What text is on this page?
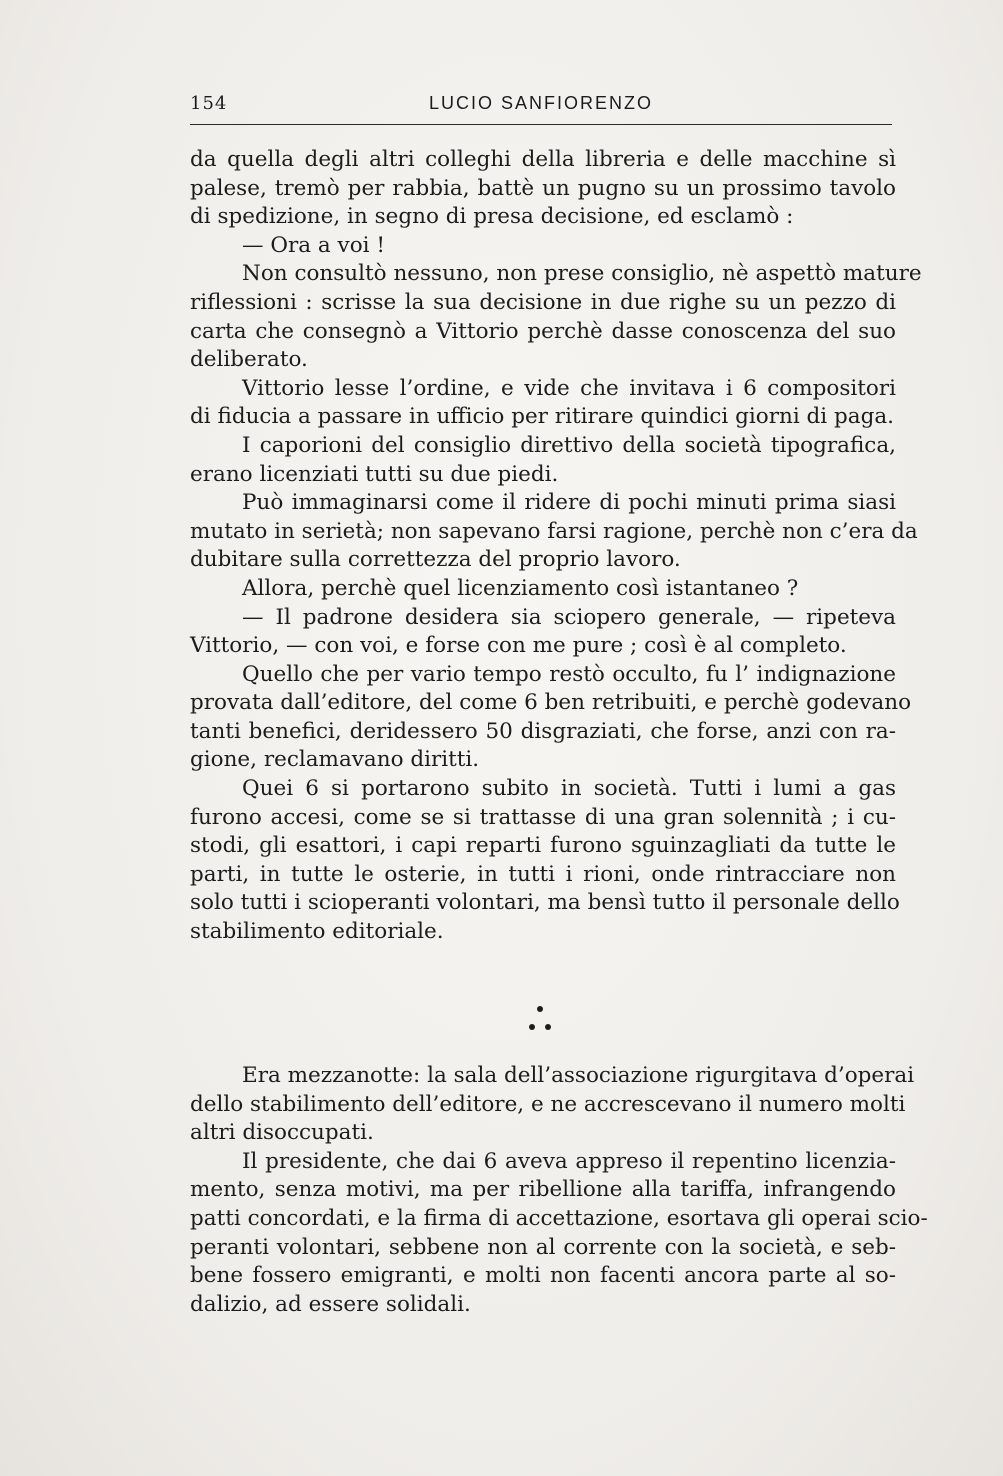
154	LUCIO SANFIORENZO
da quella degli altri colleghi della libreria e delle macchine sì
palese, tremò per rabbia, battè un pugno su un prossimo tavolo
di spedizione, in segno di presa decisione, ed esclamò :
— Ora a voi !
Non consultò nessuno, non prese consiglio, nè aspettò mature
riflessioni : scrisse la sua decisione in due righe su un pezzo di
carta che consegnò a Vittorio perchè dasse conoscenza del suo
deliberato.
Vittorio lesse l’ordine, e vide che invitava i 6 compositori
di fiducia a passare in ufficio per ritirare quindici giorni di paga.
I caporioni del consiglio direttivo della società tipografica,
erano licenziati tutti su due piedi.
Può immaginarsi come il ridere di pochi minuti prima siasi
mutato in serietà; non sapevano farsi ragione, perchè non c’era da
dubitare sulla correttezza del proprio lavoro.
Allora, perchè quel licenziamento così istantaneo ?
— Il padrone desidera sia sciopero generale, — ripeteva
Vittorio, — con voi, e forse con me pure ; così è al completo.
Quello che per vario tempo restò occulto, fu l’ indignazione
provata dall’editore, del come 6 ben retribuiti, e perchè godevano
tanti benefici, deridessero 50 disgraziati, che forse, anzi con ra-
gione, reclamavano diritti.
Quei 6 si portarono subito in società. Tutti i lumi a gas
furono accesi, come se si trattasse di una gran solennità ; i cu-
stodi, gli esattori, i capi reparti furono sguinzagliati da tutte le
parti, in tutte le osterie, in tutti i rioni, onde rintracciare non
solo tutti i scioperanti volontari, ma bensì tutto il personale dello
stabilimento editoriale.
Era mezzanotte: la sala dell’associazione rigurgitava d’operai
dello stabilimento dell’editore, e ne accrescevano il numero molti
altri disoccupati.
Il presidente, che dai 6 aveva appreso il repentino licenzia-
mento, senza motivi, ma per ribellione alla tariffa, infrangendo
patti concordati, e la firma di accettazione, esortava gli operai scio-
peranti volontari, sebbene non al corrente con la società, e seb-
bene fossero emigranti, e molti non facenti ancora parte al so-
dalizio, ad essere solidali.
